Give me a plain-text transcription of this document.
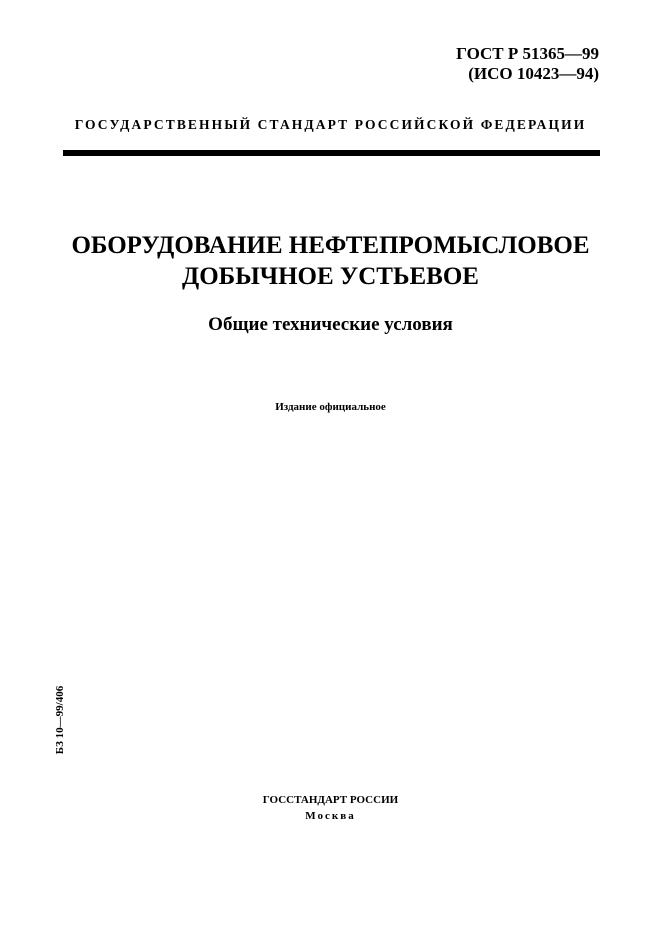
ГОСТ Р 51365—99
(ИСО 10423—94)
ГОСУДАРСТВЕННЫЙ СТАНДАРТ РОССИЙСКОЙ ФЕДЕРАЦИИ
ОБОРУДОВАНИЕ НЕФТЕПРОМЫСЛОВОЕ
ДОБЫЧНОЕ УСТЬЕВОЕ
Общие технические условия
Издание официальное
БЗ 10—99/406
ГОССТАНДАРТ РОССИИ
Москва
